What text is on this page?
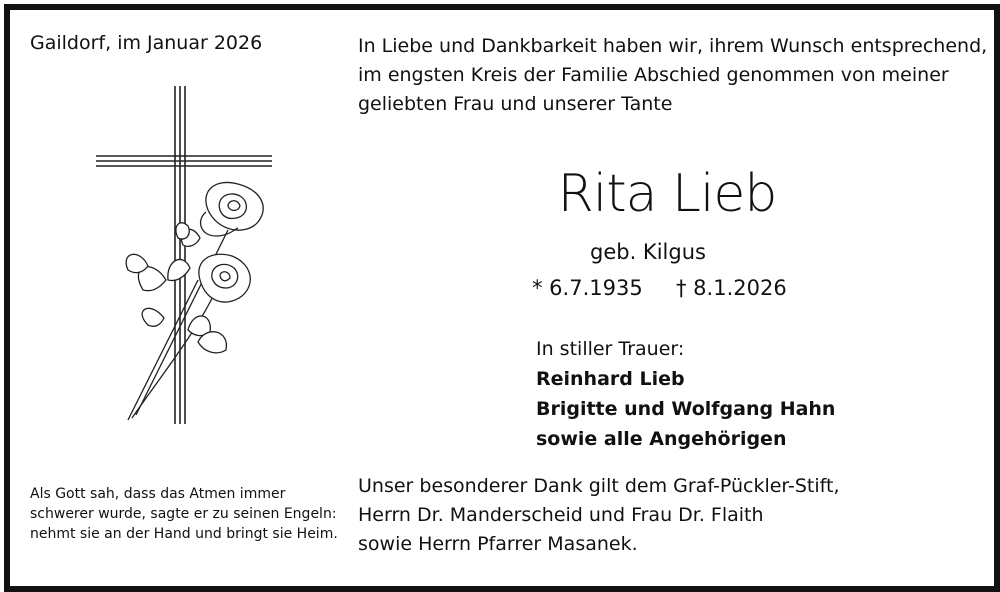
Gaildorf, im Januar 2026	In Liebe und Dankbarkeit haben wir, ihrem Wunsch entsprechend,
im engsten Kreis der Familie Abschied genommen von meiner
geliebten Frau und unserer Tante
Rita Lieb
geb. Kilgus
* 6.7.1935 † 8.1.2026
In stiller Trauer:
Reinhard Lieb
Brigitte und Wolfgang Hahn
sowie alle Angehörigen
Als Gott sah, dass das Atmen immer
schwerer wurde, sagte er zu seinen Engeln:
nehmt sie an der Hand und bringt sie Heim.
Unser besonderer Dank gilt dem Graf-Pückler-Stift,
Herrn Dr. Manderscheid und Frau Dr. Flaith
sowie Herrn Pfarrer Masanek.
